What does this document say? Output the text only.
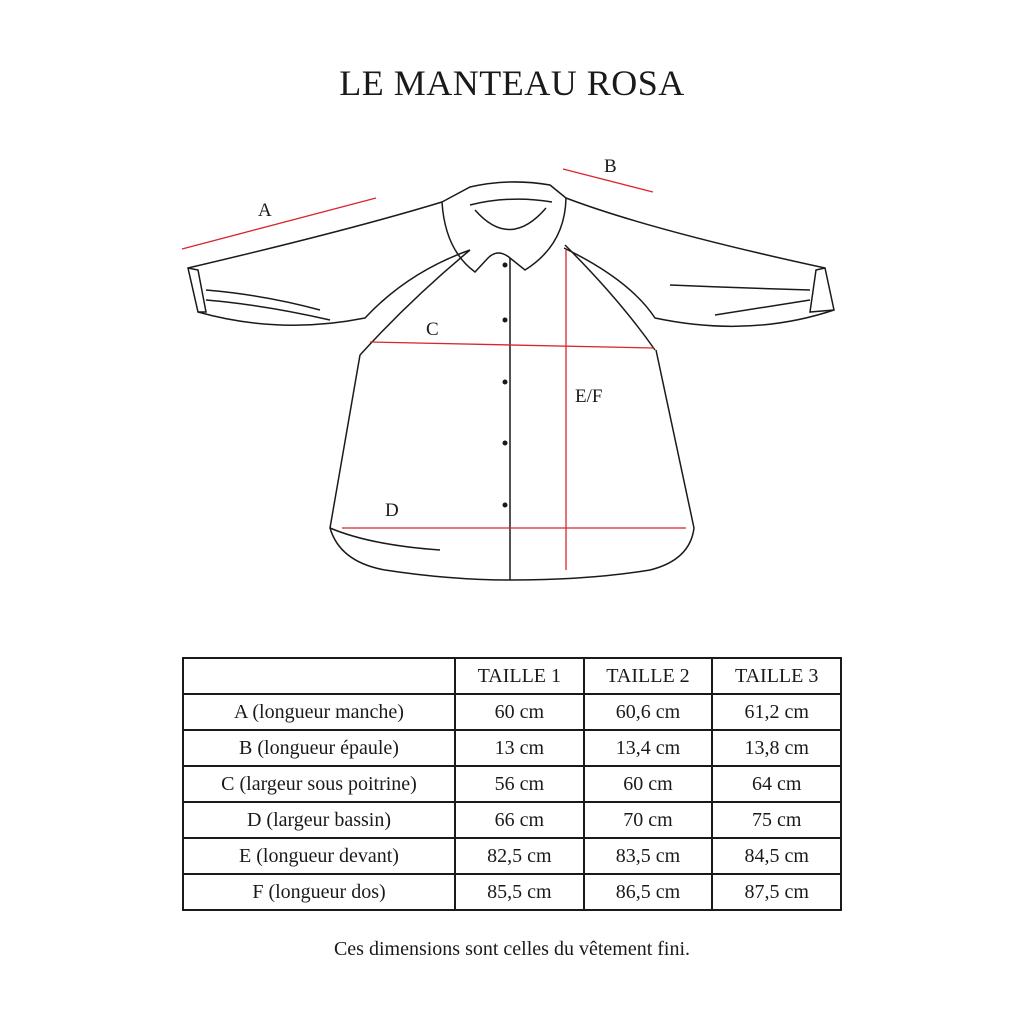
LE MANTEAU ROSA
A
B
C
D
E/F
	TAILLE 1	TAILLE 2	TAILLE 3
A (longueur manche)	60 cm	60,6 cm	61,2 cm
B (longueur épaule)	13 cm	13,4 cm	13,8 cm
C (largeur sous poitrine)	56 cm	60 cm	64 cm
D (largeur bassin)	66 cm	70 cm	75 cm
E (longueur devant)	82,5 cm	83,5 cm	84,5 cm
F (longueur dos)	85,5 cm	86,5 cm	87,5 cm
Ces dimensions sont celles du vêtement fini.
